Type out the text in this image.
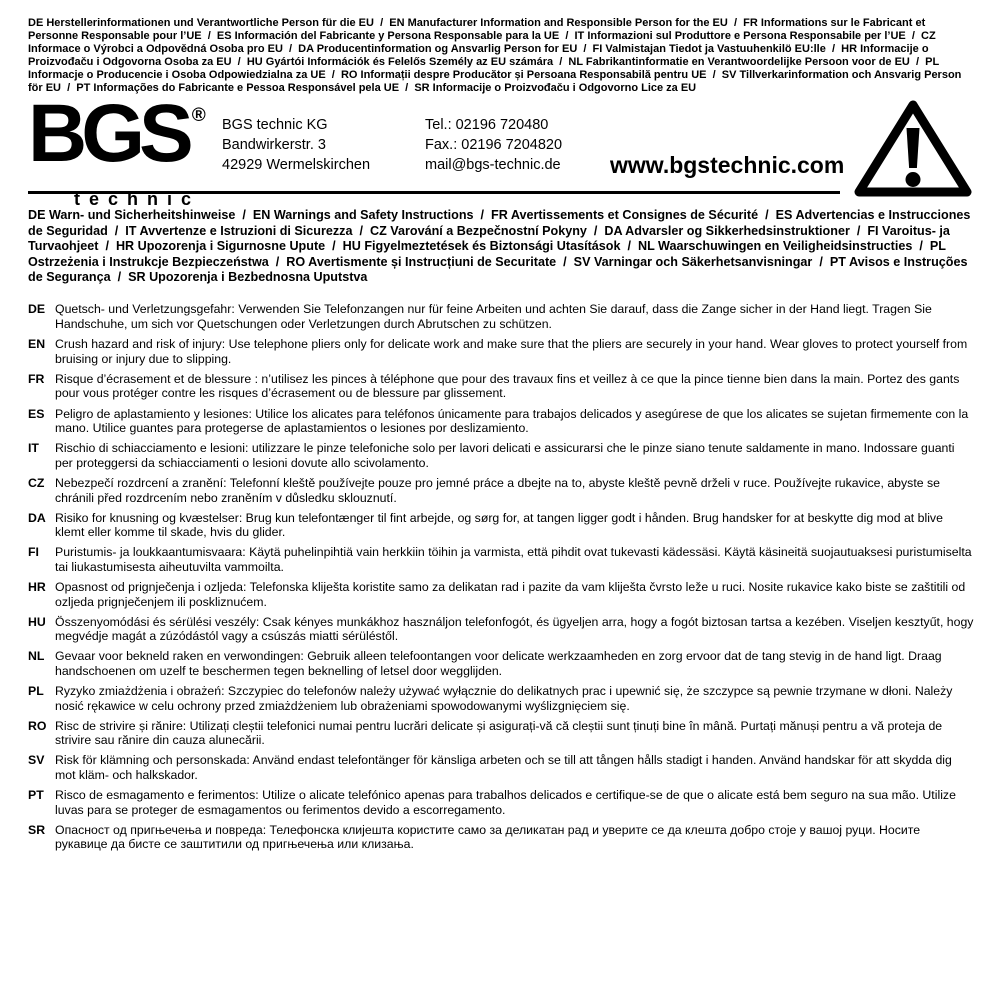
DE Herstellerinformationen und Verantwortliche Person für die EU  /  EN Manufacturer Information and Responsible Person for the EU  /  FR Informations sur le Fabricant et Personne Responsable pour l’UE  /  ES Información del Fabricante y Persona Responsable para la UE  /  IT Informazioni sul Produttore e Persona Responsabile per l’UE  /  CZ Informace o Výrobci a Odpovědná Osoba pro EU  /  DA Producentinformation og Ansvarlig Person for EU  /  FI Valmistajan Tiedot ja Vastuuhenkilö EU:lle  /  HR Informacije o Proizvođaču i Odgovorna Osoba za EU  /  HU Gyártói Információk és Felelős Személy az EU számára  /  NL Fabrikantinformatie en Verantwoordelijke Persoon voor de EU  /  PL Informacje o Producencie i Osoba Odpowiedzialna za UE  /  RO Informații despre Producător și Persoana Responsabilă pentru UE  /  SV Tillverkarinformation och Ansvarig Person för EU  /  PT Informações do Fabricante e Pessoa Responsável pela UE  /  SR Informacije o Proizvođaču i Odgovorno Lice za EU
BGS ®
technic
BGS technic KG
Bandwirkerstr. 3
42929 Wermelskirchen
Tel.: 02196 720480
Fax.: 02196 7204820
mail@bgs-technic.de www.bgstechnic.com
DE Warn- und Sicherheitshinweise  /  EN Warnings and Safety Instructions  /  FR Avertissements et Consignes de Sécurité  /  ES Advertencias e Instrucciones de Seguridad  /  IT Avvertenze e Istruzioni di Sicurezza  /  CZ Varování a Bezpečnostní Pokyny  /  DA Advarsler og Sikkerhedsinstruktioner  /  FI Varoitus- ja Turvaohjeet  /  HR Upozorenja i Sigurnosne Upute  /  HU Figyelmeztetések és Biztonsági Utasítások  /  NL Waarschuwingen en Veiligheidsinstructies  /  PL Ostrzeżenia i Instrukcje Bezpieczeństwa  /  RO Avertismente și Instrucțiuni de Securitate  /  SV Varningar och Säkerhetsanvisningar  /  PT Avisos e Instruções de Segurança  /  SR Upozorenja i Bezbednosna Uputstva
DE Quetsch- und Verletzungsgefahr: Verwenden Sie Telefonzangen nur für feine Arbeiten und achten Sie darauf, dass die Zange sicher in der Hand liegt. Tragen Sie Handschuhe, um sich vor Quetschungen oder Verletzungen durch Abrutschen zu schützen.
EN Crush hazard and risk of injury: Use telephone pliers only for delicate work and make sure that the pliers are securely in your hand. Wear gloves to protect yourself from bruising or injury due to slipping.
FR Risque d’écrasement et de blessure : n’utilisez les pinces à téléphone que pour des travaux fins et veillez à ce que la pince tienne bien dans la main. Portez des gants pour vous protéger contre les risques d’écrasement ou de blessure par glissement.
ES Peligro de aplastamiento y lesiones: Utilice los alicates para teléfonos únicamente para trabajos delicados y asegúrese de que los alicates se sujetan firmemente con la mano. Utilice guantes para protegerse de aplastamientos o lesiones por deslizamiento.
IT	Rischio di schiacciamento e lesioni: utilizzare le pinze telefoniche solo per lavori delicati e assicurarsi che le pinze siano tenute saldamente in mano. Indossare guanti per proteggersi da schiacciamenti o lesioni dovute allo scivolamento.
CZ Nebezpečí rozdrcení a zranění: Telefonní kleště používejte pouze pro jemné práce a dbejte na to, abyste kleště pevně drželi v ruce. Používejte rukavice, abyste se chránili před rozdrcením nebo zraněním v důsledku sklouznutí.
DA Risiko for knusning og kvæstelser: Brug kun telefontænger til fint arbejde, og sørg for, at tangen ligger godt i hånden. Brug handsker for at beskytte dig mod at blive klemt eller komme til skade, hvis du glider.
FI	Puristumis- ja loukkaantumisvaara: Käytä puhelinpihtiä vain herkkiin töihin ja varmista, että pihdit ovat tukevasti kädessäsi. Käytä käsineitä suojautuaksesi puristumiselta tai liukastumisesta aiheutuvilta vammoilta.
HR Opasnost od prignječenja i ozljeda: Telefonska kliješta koristite samo za delikatan rad i pazite da vam kliješta čvrsto leže u ruci. Nosite rukavice kako biste se zaštitili od ozljeda prignječenjem ili poskliznućem.
HU Összenyomódási és sérülési veszély: Csak kényes munkákhoz használjon telefonfogót, és ügyeljen arra, hogy a fogót biztosan tartsa a kezében. Viseljen kesztyűt, hogy megvédje magát a zúzódástól vagy a csúszás miatti sérüléstől.
NL Gevaar voor bekneld raken en verwondingen: Gebruik alleen telefoontangen voor delicate werkzaamheden en zorg ervoor dat de tang stevig in de hand ligt. Draag handschoenen om uzelf te beschermen tegen beknelling of letsel door wegglijden.
PL Ryzyko zmiażdżenia i obrażeń: Szczypiec do telefonów należy używać wyłącznie do delikatnych prac i upewnić się, że szczypce są pewnie trzymane w dłoni. Należy nosić rękawice w celu ochrony przed zmiażdżeniem lub obrażeniami spowodowanymi wyślizgnięciem się.
RO Risc de strivire și rănire: Utilizați cleștii telefonici numai pentru lucrări delicate și asigurați-vă că cleștii sunt ținuți bine în mână. Purtați mănuși pentru a vă proteja de strivire sau rănire din cauza alunecării.
SV Risk för klämning och personskada: Använd endast telefontänger för känsliga arbeten och se till att tången hålls stadigt i handen. Använd handskar för att skydda dig mot kläm- och halkskador.
PT Risco de esmagamento e ferimentos: Utilize o alicate telefónico apenas para trabalhos delicados e certifique-se de que o alicate está bem seguro na sua mão. Utilize luvas para se proteger de esmagamentos ou ferimentos devido a escorregamento.
SR Опасност од пригњечења и повреда: Телефонска клијешта користите само за деликатан рад и уверите се да клешта добро стоје у вашој руци. Носите рукавице да бисте се заштитили од пригњечења или клизања.
